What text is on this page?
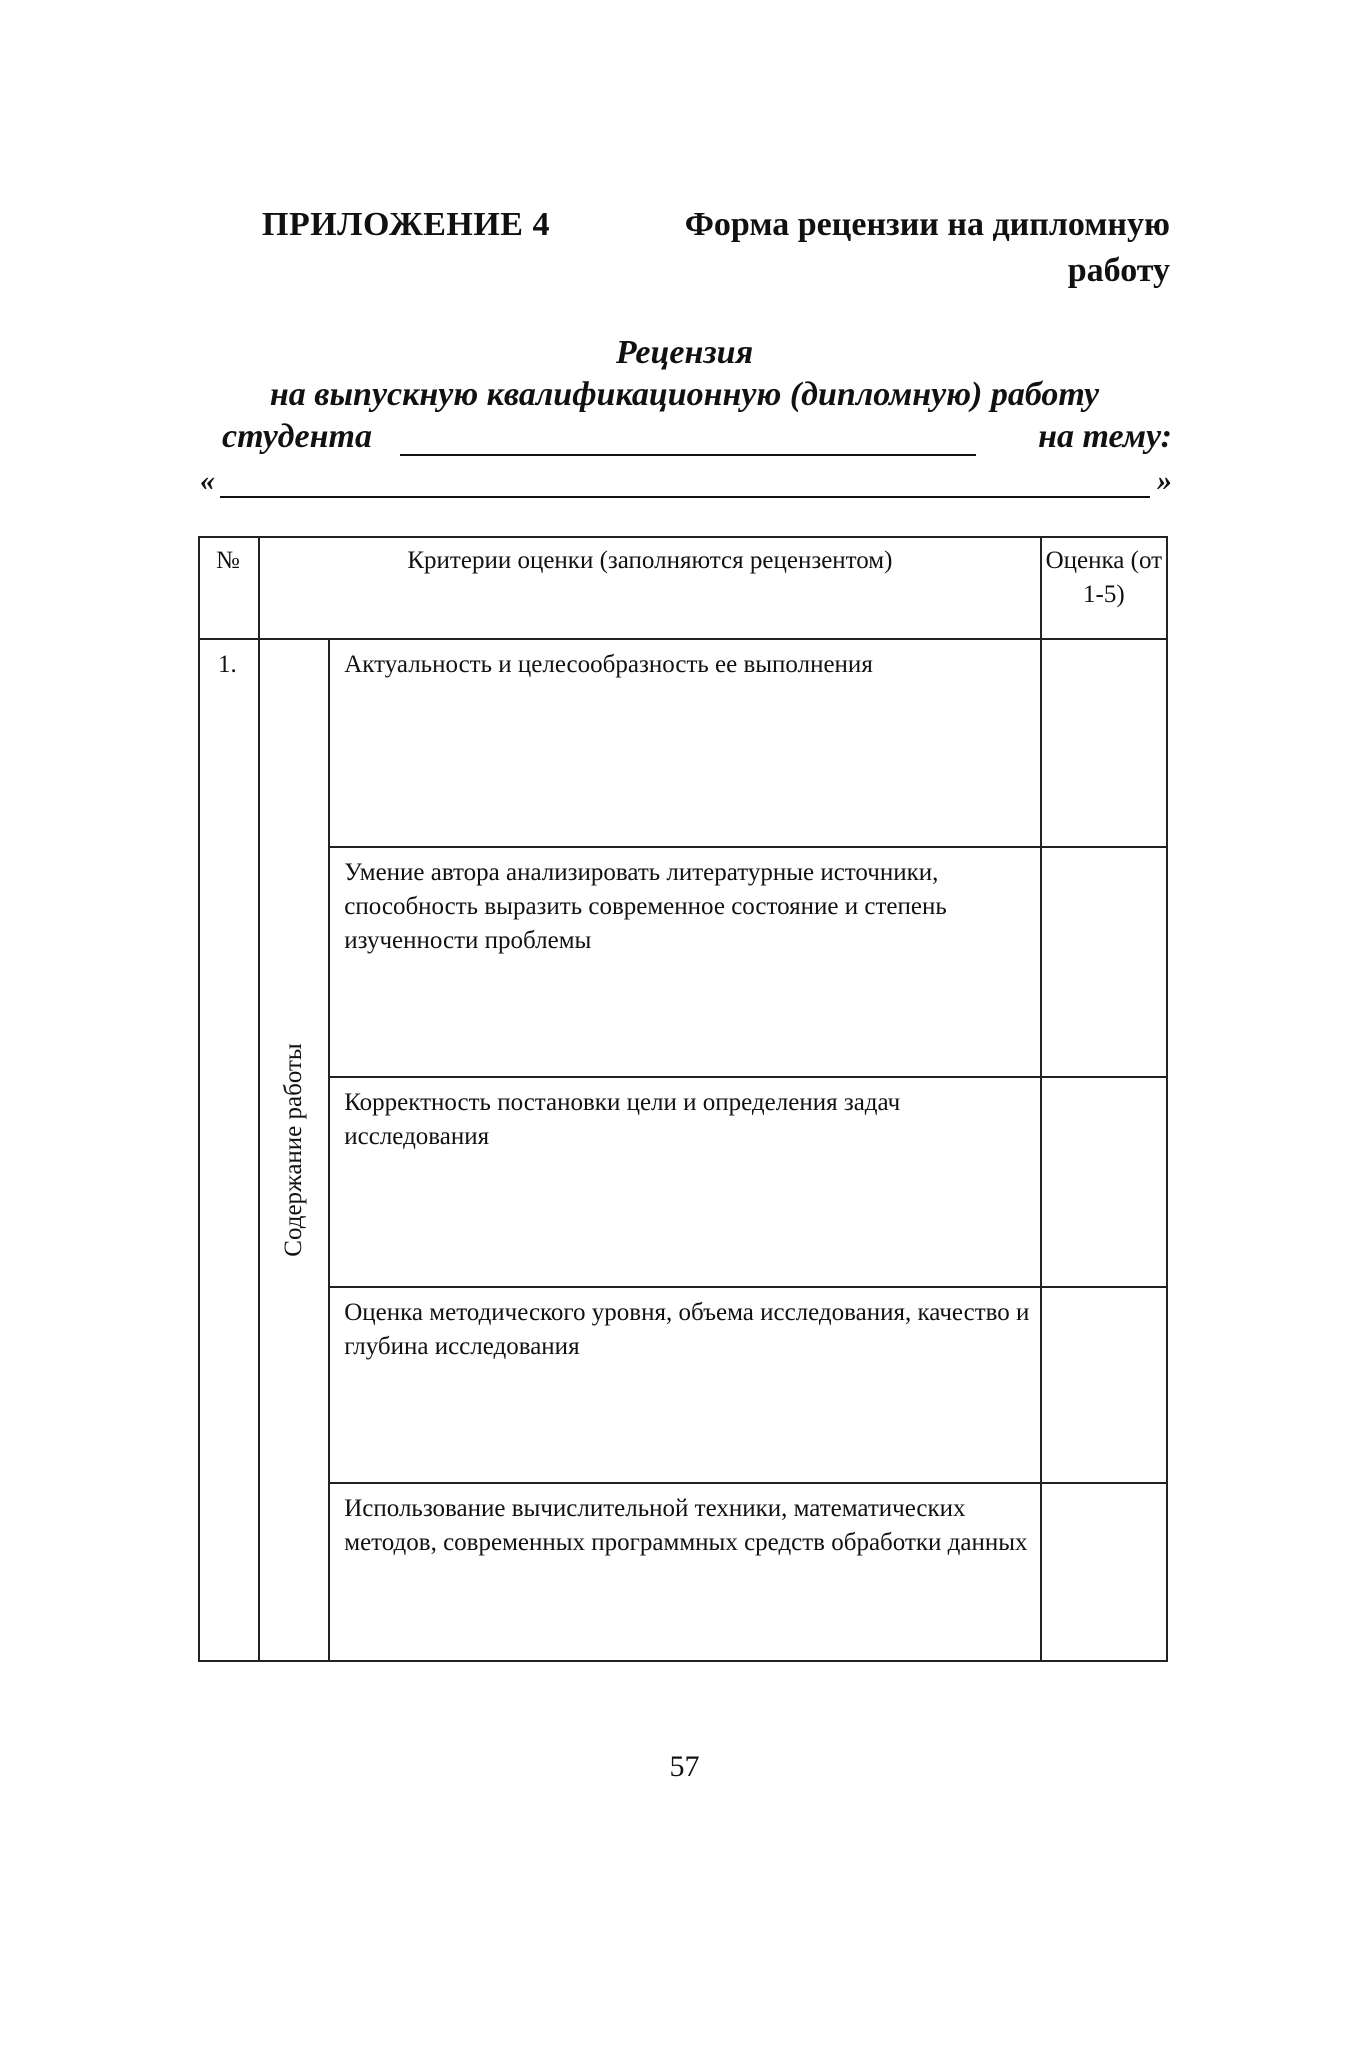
ПРИЛОЖЕНИЕ 4	Форма рецензии на дипломную
работу
Рецензия
на выпускную квалификационную (дипломную) работу
студента	на тему:
«	»
№	Критерии оценки (заполняются рецензентом)		Оценка (от 1-5)
1.	Содержание работы	Актуальность и целесообразность ее выполнения	
		Умение автора анализировать литературные источники, способность выразить современное состояние и степень изученности проблемы	
		Корректность постановки цели и определения задач исследования	
		Оценка методического уровня, объема исследования, качество и глубина исследования	
		Использование вычислительной техники, математических методов, современных программных средств обработки данных	
57
